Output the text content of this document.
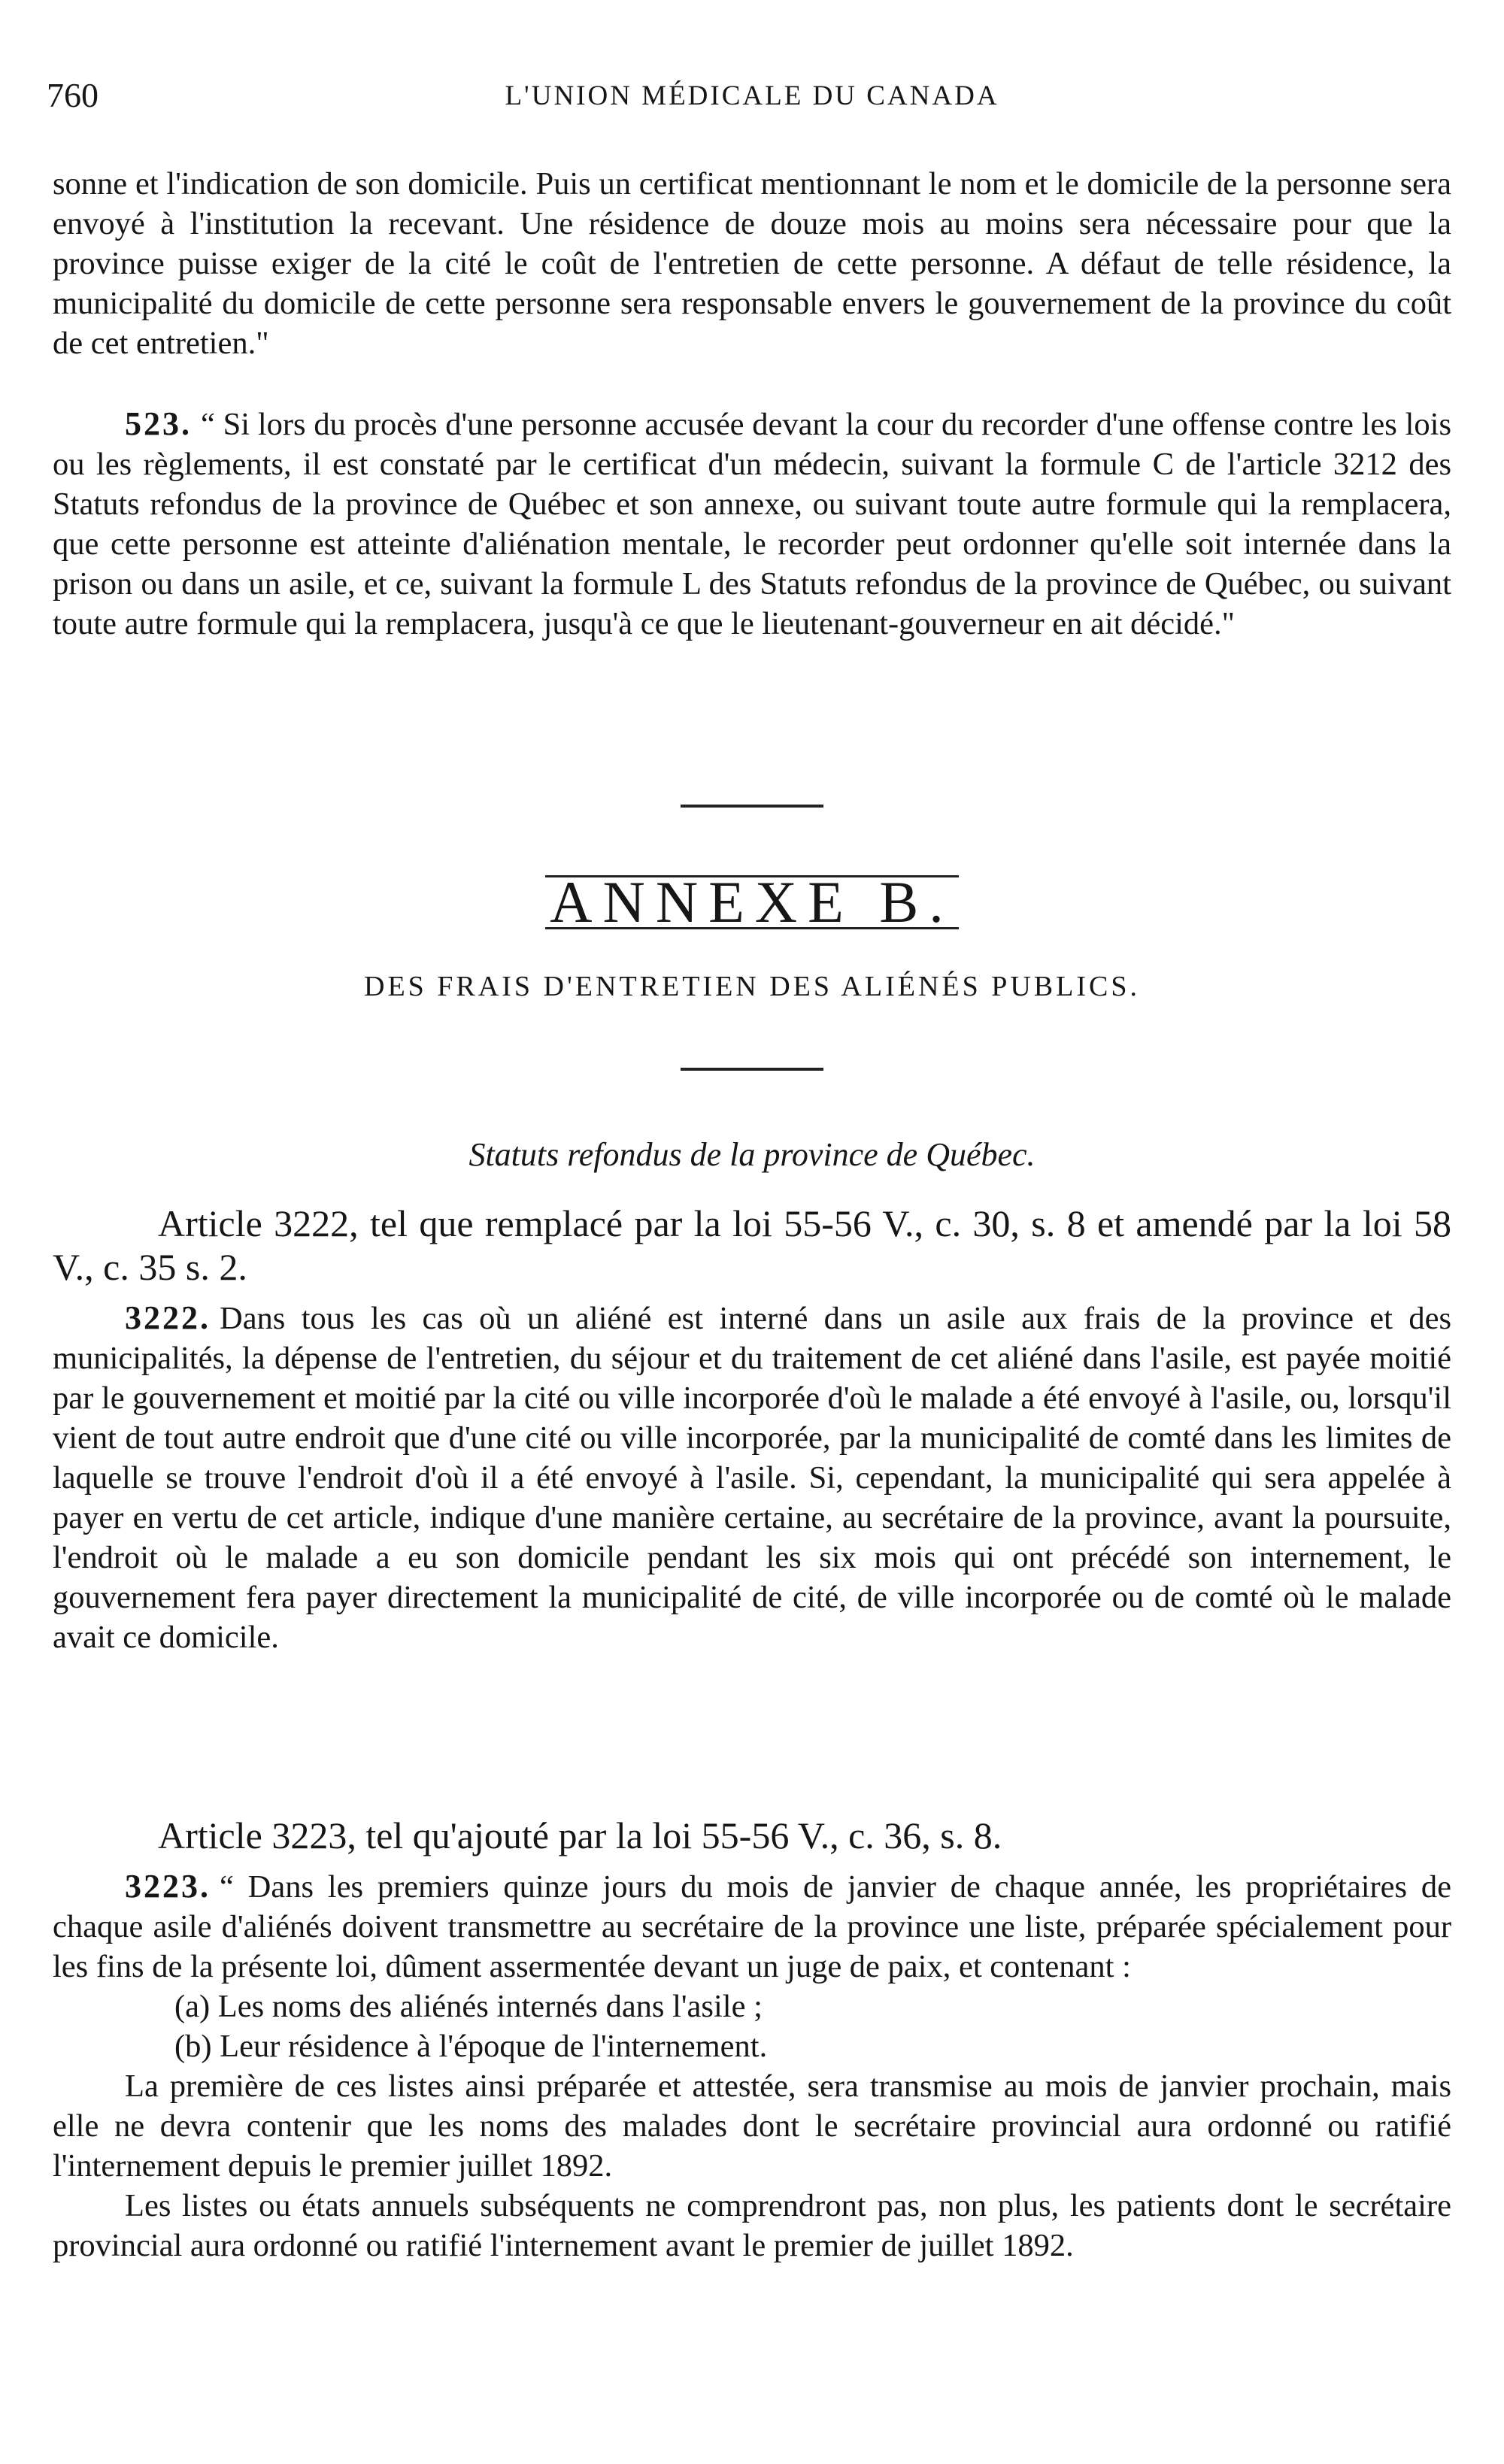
760	L'UNION MÉDICALE DU CANADA

sonne et l'indication de son domicile. Puis un certificat mentionnant le nom et le domicile de la personne sera envoyé à l'institution la recevant. Une résidence de douze mois au moins sera nécessaire pour que la province puisse exiger de la cité le coût de l'entretien de cette personne. A défaut de telle résidence, la municipalité du domicile de cette personne sera responsable envers le gouvernement de la province du coût de cet entretien."

523. “ Si lors du procès d'une personne accusée devant la cour du recorder d'une offense contre les lois ou les règlements, il est constaté par le certificat d'un médecin, suivant la formule C de l'article 3212 des Statuts refondus de la province de Québec et son annexe, ou suivant toute autre formule qui la remplacera, que cette personne est atteinte d'aliénation mentale, le recorder peut ordonner qu'elle soit internée dans la prison ou dans un asile, et ce, suivant la formule L des Statuts refondus de la province de Québec, ou suivant toute autre formule qui la remplacera, jusqu'à ce que le lieutenant-gouverneur en ait décidé."

ANNEXE B.
DES FRAIS D'ENTRETIEN DES ALIÉNÉS PUBLICS.
Statuts refondus de la province de Québec.

Article 3222, tel que remplacé par la loi 55-56 V., c. 30, s. 8 et amendé par la loi 58 V., c. 35 s. 2.

3222. Dans tous les cas où un aliéné est interné dans un asile aux frais de la province et des municipalités, la dépense de l'entretien, du séjour et du traitement de cet aliéné dans l'asile, est payée moitié par le gouvernement et moitié par la cité ou ville incorporée d'où le malade a été envoyé à l'asile, ou, lorsqu'il vient de tout autre endroit que d'une cité ou ville incorporée, par la municipalité de comté dans les limites de laquelle se trouve l'endroit d'où il a été envoyé à l'asile. Si, cependant, la municipalité qui sera appelée à payer en vertu de cet article, indique d'une manière certaine, au secrétaire de la province, avant la poursuite, l'endroit où le malade a eu son domicile pendant les six mois qui ont précédé son internement, le gouvernement fera payer directement la municipalité de cité, de ville incorporée ou de comté où le malade avait ce domicile.

Article 3223, tel qu'ajouté par la loi 55-56 V., c. 36, s. 8.

3223. “ Dans les premiers quinze jours du mois de janvier de chaque année, les propriétaires de chaque asile d'aliénés doivent transmettre au secrétaire de la province une liste, préparée spécialement pour les fins de la présente loi, dûment assermentée devant un juge de paix, et contenant :

(a) Les noms des aliénés internés dans l'asile ;

(b) Leur résidence à l'époque de l'internement.

La première de ces listes ainsi préparée et attestée, sera transmise au mois de janvier prochain, mais elle ne devra contenir que les noms des malades dont le secrétaire provincial aura ordonné ou ratifié l'internement depuis le premier juillet 1892.

Les listes ou états annuels subséquents ne comprendront pas, non plus, les patients dont le secrétaire provincial aura ordonné ou ratifié l'internement avant le premier de juillet 1892.
